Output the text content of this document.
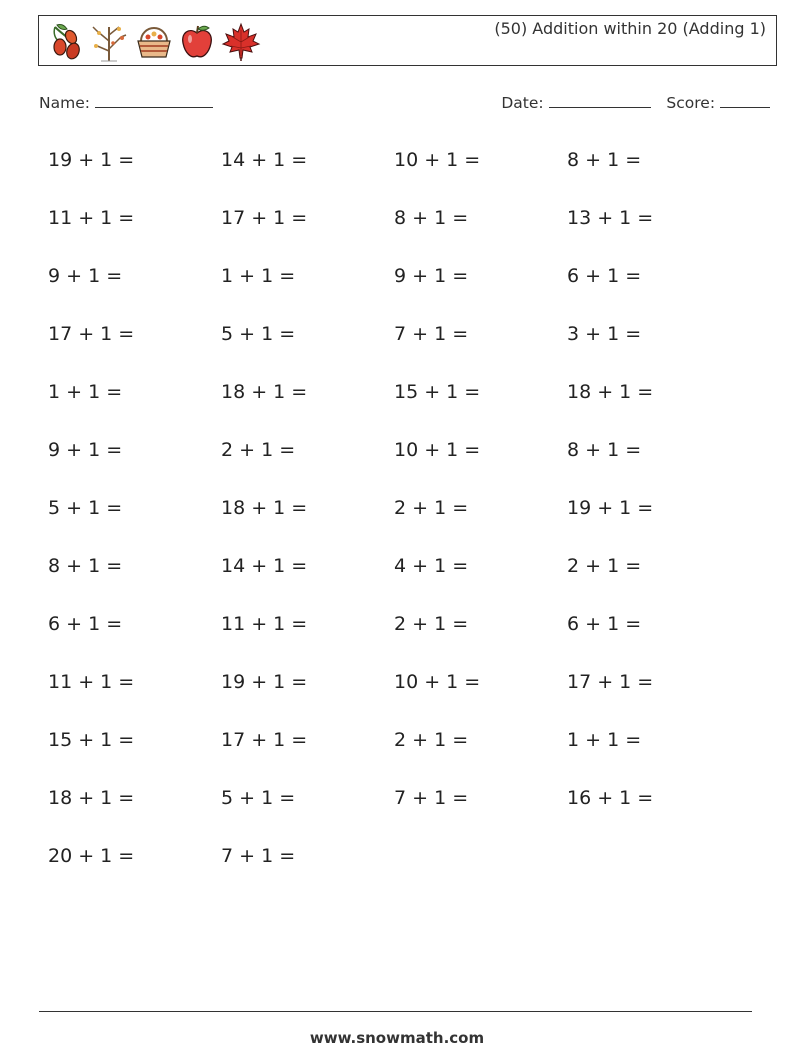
(50) Addition within 20 (Adding 1)
Name:	Date:	Score:
19 + 1 =	14 + 1 =	10 + 1 =	8 + 1 =
11 + 1 =	17 + 1 =	8 + 1 =	13 + 1 =
9 + 1 =	1 + 1 =	9 + 1 =	6 + 1 =
17 + 1 =	5 + 1 =	7 + 1 =	3 + 1 =
1 + 1 =	18 + 1 =	15 + 1 =	18 + 1 =
9 + 1 =	2 + 1 =	10 + 1 =	8 + 1 =
5 + 1 =	18 + 1 =	2 + 1 =	19 + 1 =
8 + 1 =	14 + 1 =	4 + 1 =	2 + 1 =
6 + 1 =	11 + 1 =	2 + 1 =	6 + 1 =
11 + 1 =	19 + 1 =	10 + 1 =	17 + 1 =
15 + 1 =	17 + 1 =	2 + 1 =	1 + 1 =
18 + 1 =	5 + 1 =	7 + 1 =	16 + 1 =
20 + 1 =	7 + 1 =
www.snowmath.com
